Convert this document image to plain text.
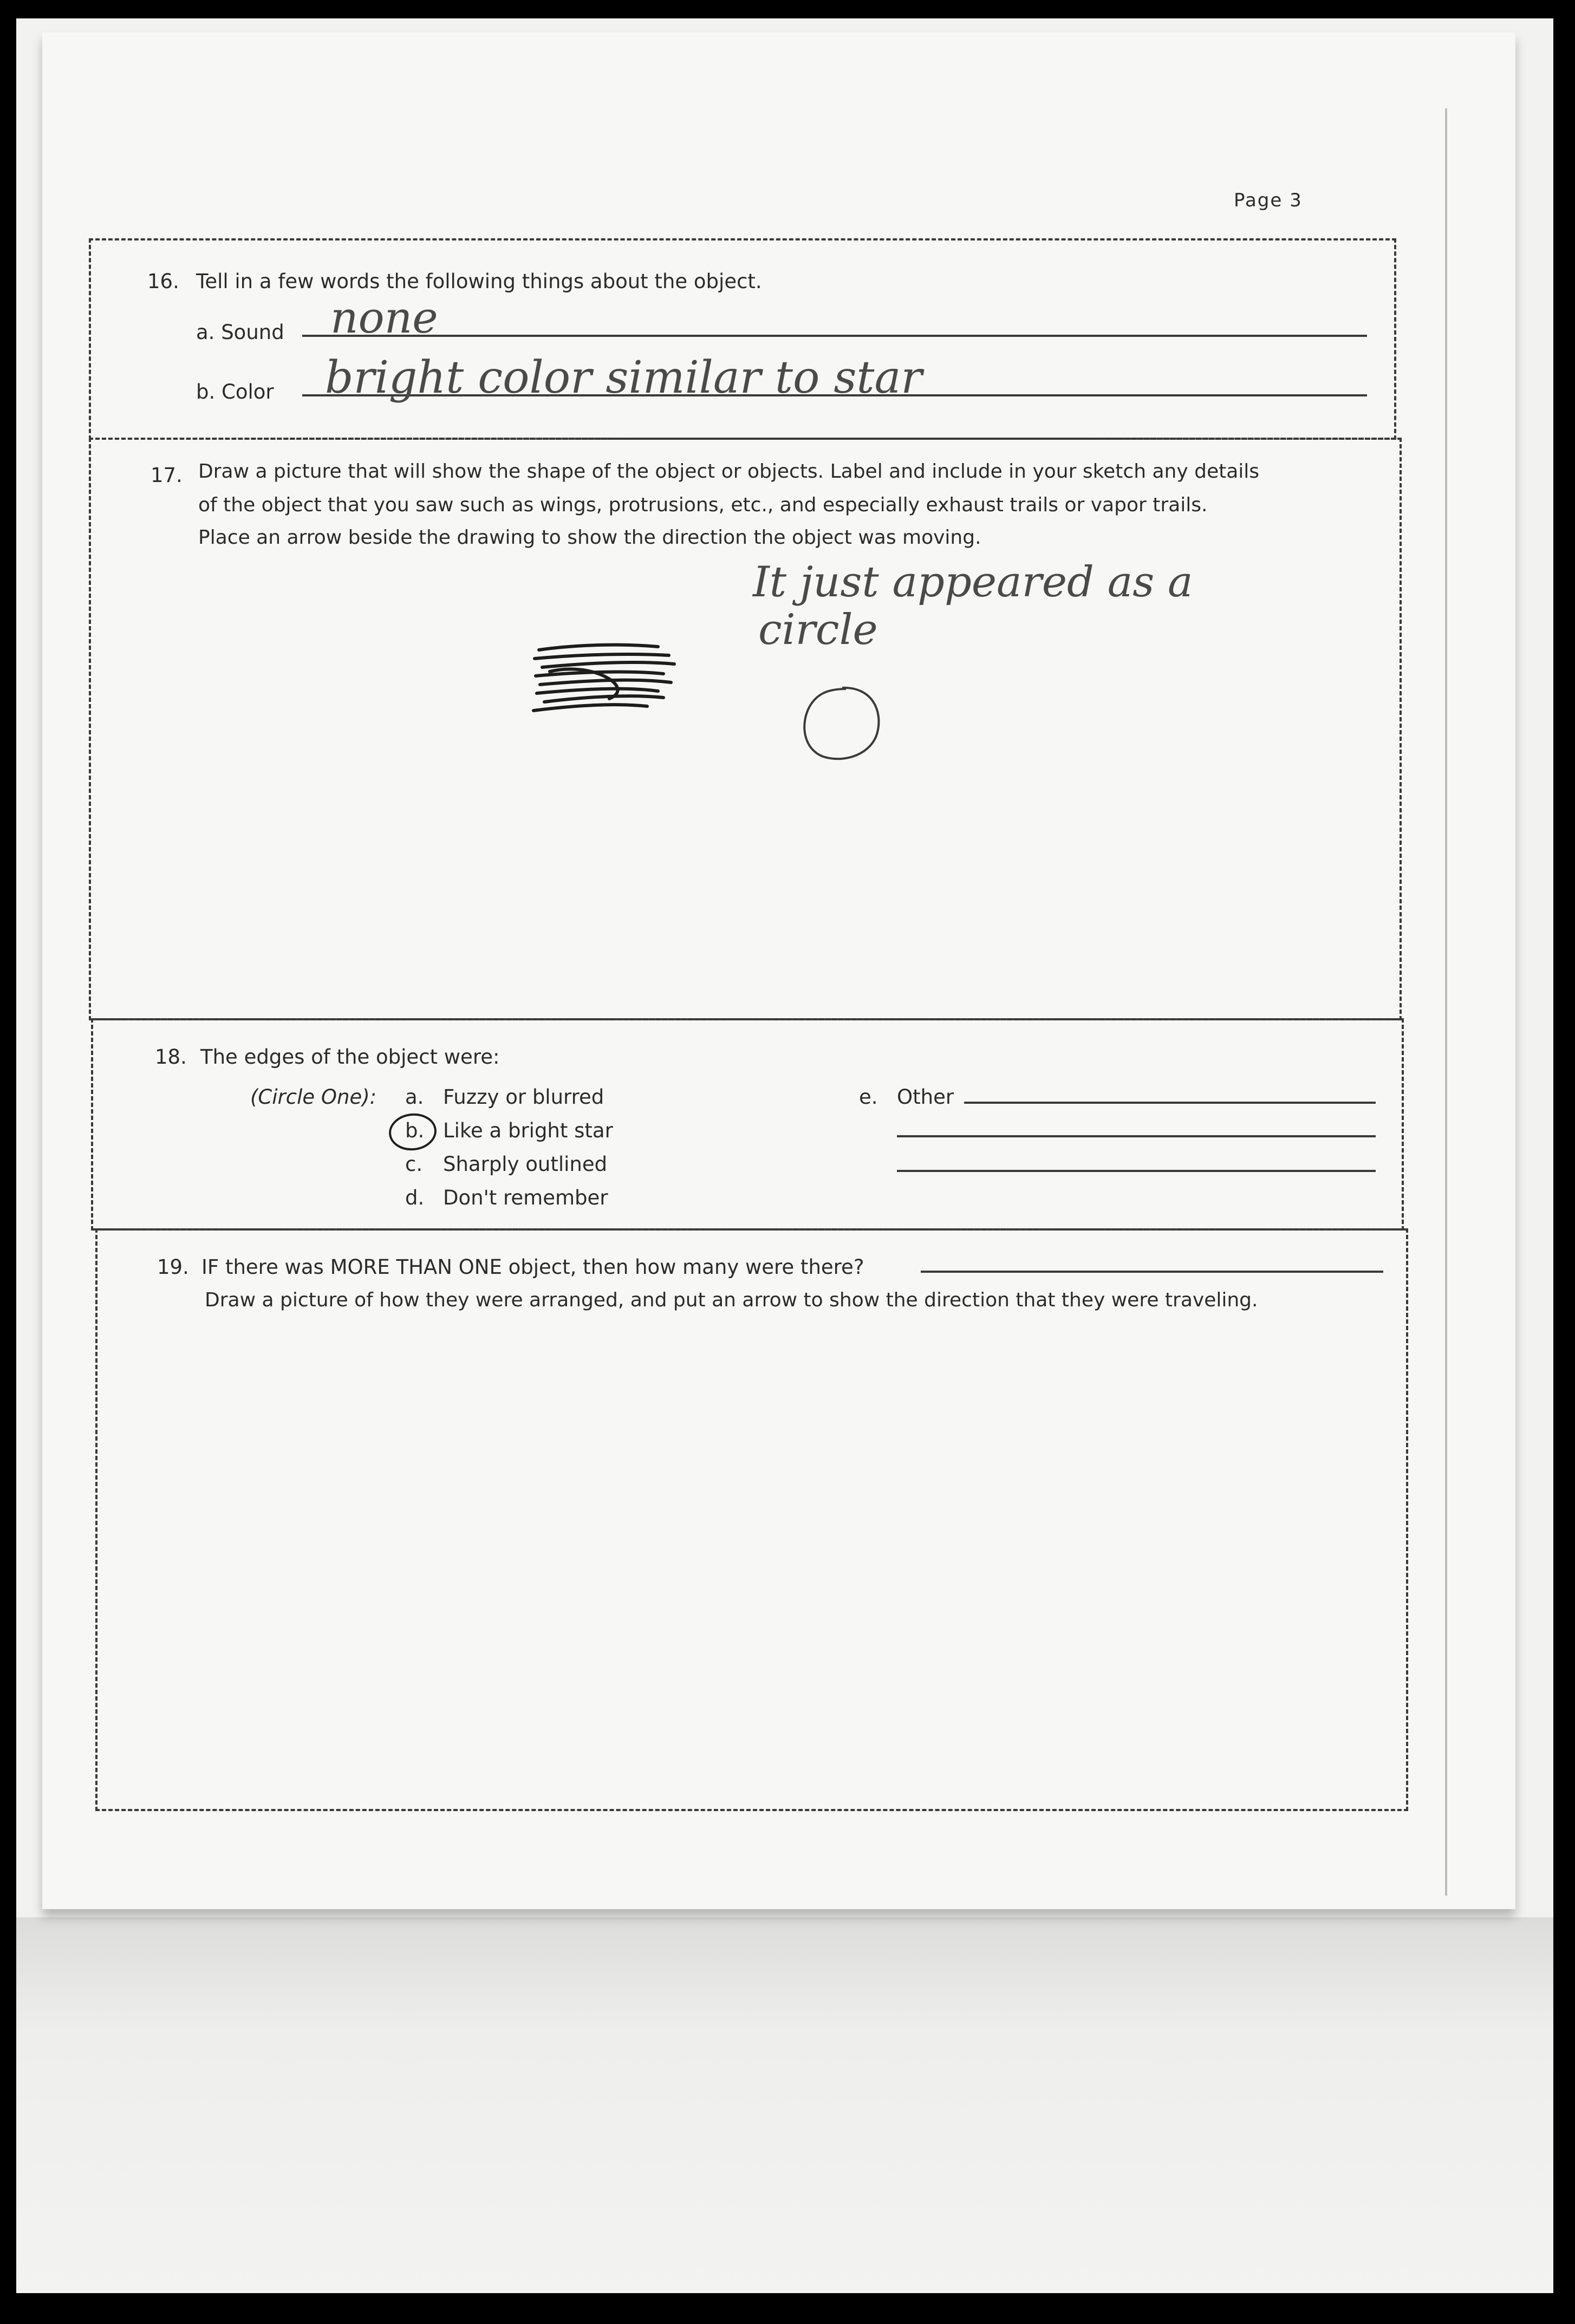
Page 3
16. Tell in a few words the following things about the object.
a. Sound none
b. Color bright color similar to star
17. Draw a picture that will show the shape of the object or objects. Label and include in your sketch any details
of the object that you saw such as wings, protrusions, etc., and especially exhaust trails or vapor trails.
Place an arrow beside the drawing to show the direction the object was moving.
It just appeared as a
circle
18. The edges of the object were:
(Circle One): a. Fuzzy or blurred
b. Like a bright star
c. Sharply outlined
d. Don't remember
e. Other
19. IF there was MORE THAN ONE object, then how many were there?
Draw a picture of how they were arranged, and put an arrow to show the direction that they were traveling.
